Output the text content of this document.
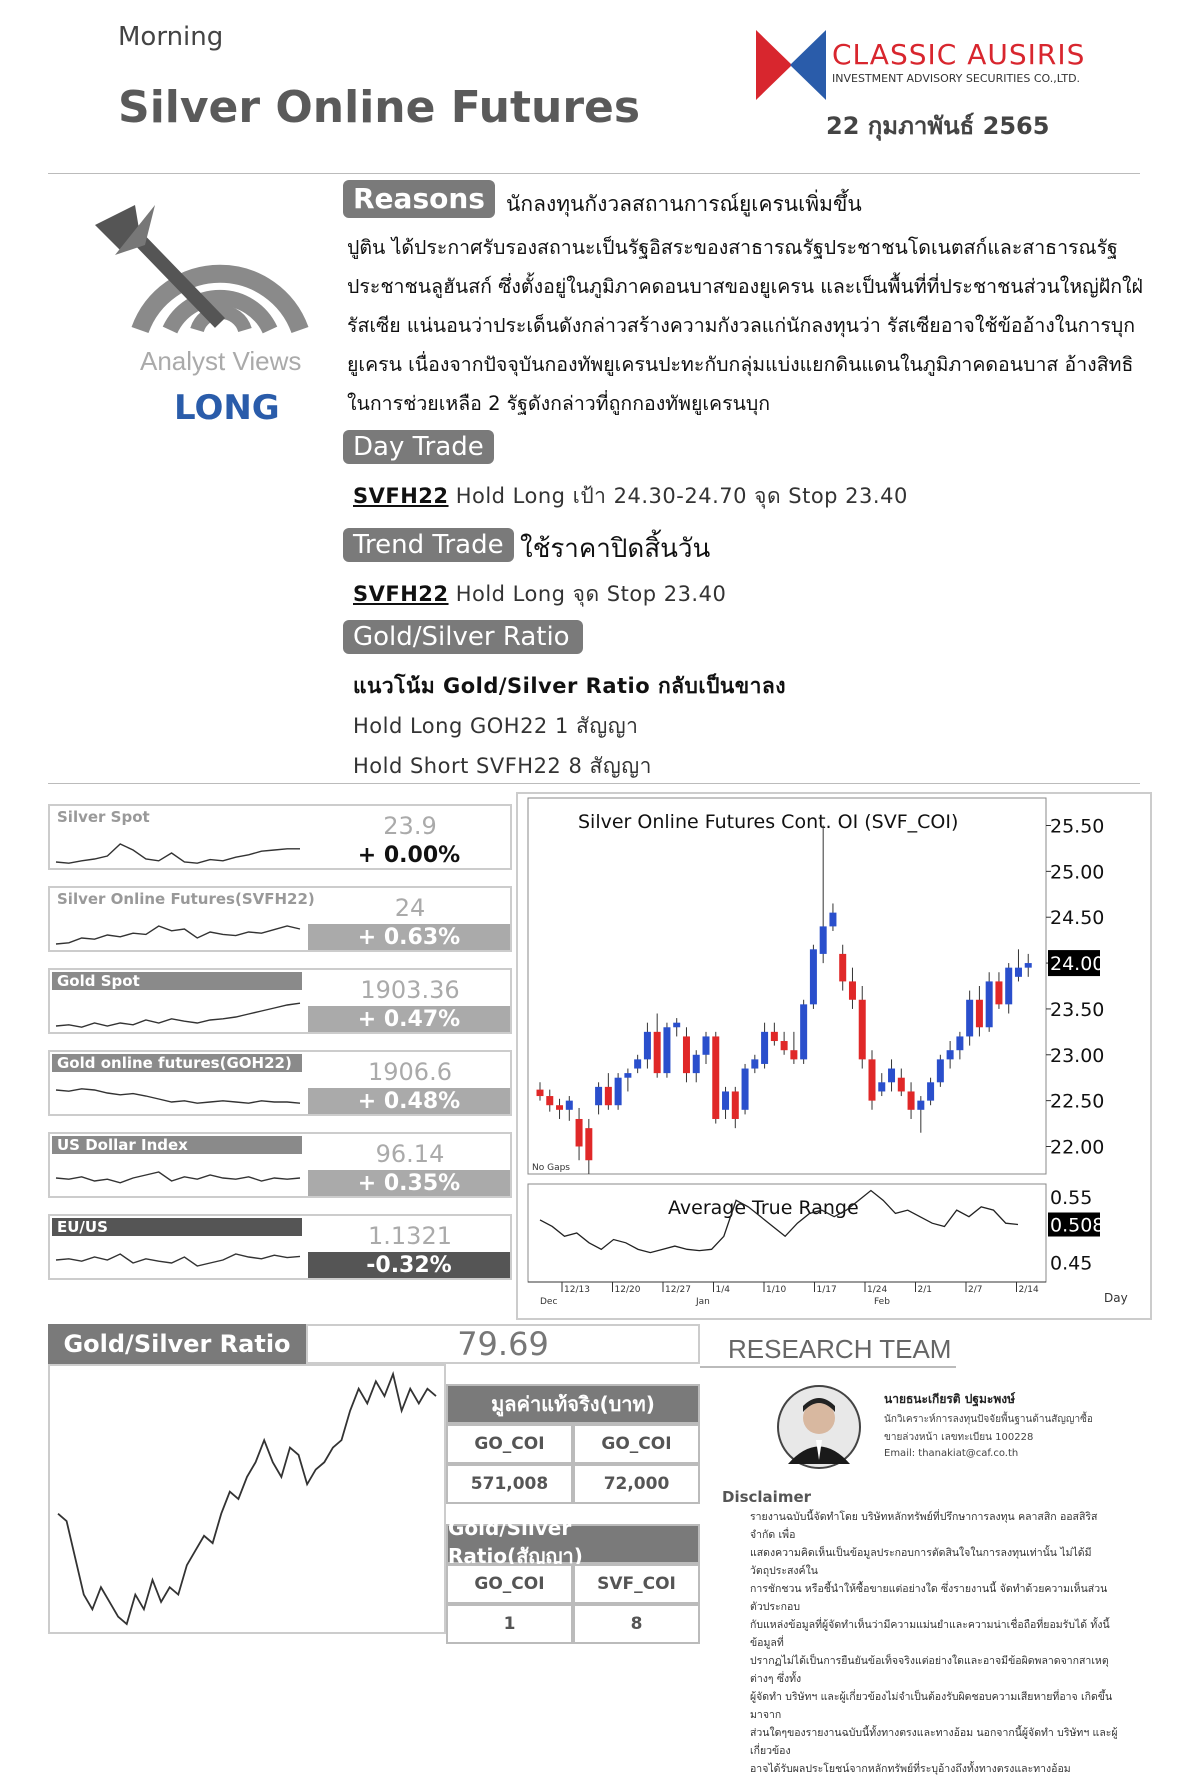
Morning
Silver Online Futures
CLASSIC AUSIRIS
INVESTMENT ADVISORY SECURITIES CO.,LTD.
22 กุมภาพันธ์ 2565
Analyst Views
LONG
Reasons	นักลงทุนกังวลสถานการณ์ยูเครนเพิ่มขึ้น
ปูติน ได้ประกาศรับรองสถานะเป็นรัฐอิสระของสาธารณรัฐประชาชนโดเนตสก์และสาธารณรัฐ
ประชาชนลูฮันสก์ ซึ่งตั้งอยู่ในภูมิภาคดอนบาสของยูเครน และเป็นพื้นที่ที่ประชาชนส่วนใหญ่ฝักใฝ่
รัสเซีย แน่นอนว่าประเด็นดังกล่าวสร้างความกังวลแก่นักลงทุนว่า รัสเซียอาจใช้ข้ออ้างในการบุก
ยูเครน เนื่องจากปัจจุบันกองทัพยูเครนปะทะกับกลุ่มแบ่งแยกดินแดนในภูมิภาคดอนบาส อ้างสิทธิ
ในการช่วยเหลือ 2 รัฐดังกล่าวที่ถูกกองทัพยูเครนบุก
Day Trade
SVFH22 Hold Long เป้า 24.30-24.70 จุด Stop 23.40
Trend Trade ใช้ราคาปิดสิ้นวัน
SVFH22 Hold Long จุด Stop 23.40
Gold/Silver Ratio
แนวโน้ม Gold/Silver Ratio กลับเป็นขาลง
Hold Long GOH22 1 สัญญา
Hold Short SVFH22 8 สัญญา
Silver Spot	23.9
+ 0.00%
Silver Online Futures(SVFH22)	24
+ 0.63%
Gold Spot	1903.36
+ 0.47%
Gold online futures(GOH22)	1906.6
+ 0.48%
US Dollar Index	96.14
+ 0.35%
EU/US	1.1321
-0.32%
Silver Online Futures Cont. OI (SVF_COI)	25.50
25.00
24.50
24.00
23.50
23.00
22.50
22.00
No Gaps
Average True Range	0.55
0.508
0.45
12/13	12/20	12/27	1/4	1/10	1/17	1/24	2/1	2/7	2/14
Dec	Jan	Feb	Day
Gold/Silver Ratio	79.69
มูลค่าแท้จริง(บาท)
GO_COI	GO_COI
571,008	72,000
Gold/Silver Ratio(สัญญา)
GO_COI	SVF_COI
1	8
RESEARCH TEAM
นายธนะเกียรติ ปฐมะพงษ์
นักวิเคราะห์การลงทุนปัจจัยพื้นฐานด้านสัญญาซื้อ
ขายล่วงหน้า เลขทะเบียน 100228
Email: thanakiat@caf.co.th
Disclaimer
รายงานฉบับนี้จัดทำโดย บริษัทหลักทรัพย์ที่ปรึกษาการลงทุน คลาสสิก ออสสิริส จำกัด เพื่อ
แสดงความคิดเห็นเป็นข้อมูลประกอบการตัดสินใจในการลงทุนเท่านั้น ไม่ได้มีวัตถุประสงค์ใน
การชักชวน หรือชี้นำให้ซื้อขายแต่อย่างใด ซึ่งรายงานนี้ จัดทำด้วยความเห็นส่วนตัวประกอบ
กับแหล่งข้อมูลที่ผู้จัดทำเห็นว่ามีความแม่นยำและความน่าเชื่อถือที่ยอมรับได้ ทั้งนี้ข้อมูลที่
ปรากฏไม่ได้เป็นการยืนยันข้อเท็จจริงแต่อย่างใดและอาจมีข้อผิดพลาดจากสาเหตุต่างๆ ซึ่งทั้ง
ผู้จัดทำ บริษัทฯ และผู้เกี่ยวข้องไม่จำเป็นต้องรับผิดชอบความเสียหายที่อาจ เกิดขึ้นมาจาก
ส่วนใดๆของรายงานฉบับนี้ทั้งทางตรงและทางอ้อม นอกจากนี้ผู้จัดทำ บริษัทฯ และผู้เกี่ยวข้อง
อาจได้รับผลประโยชน์จากหลักทรัพย์ที่ระบุอ้างถึงทั้งทางตรงและทางอ้อม
